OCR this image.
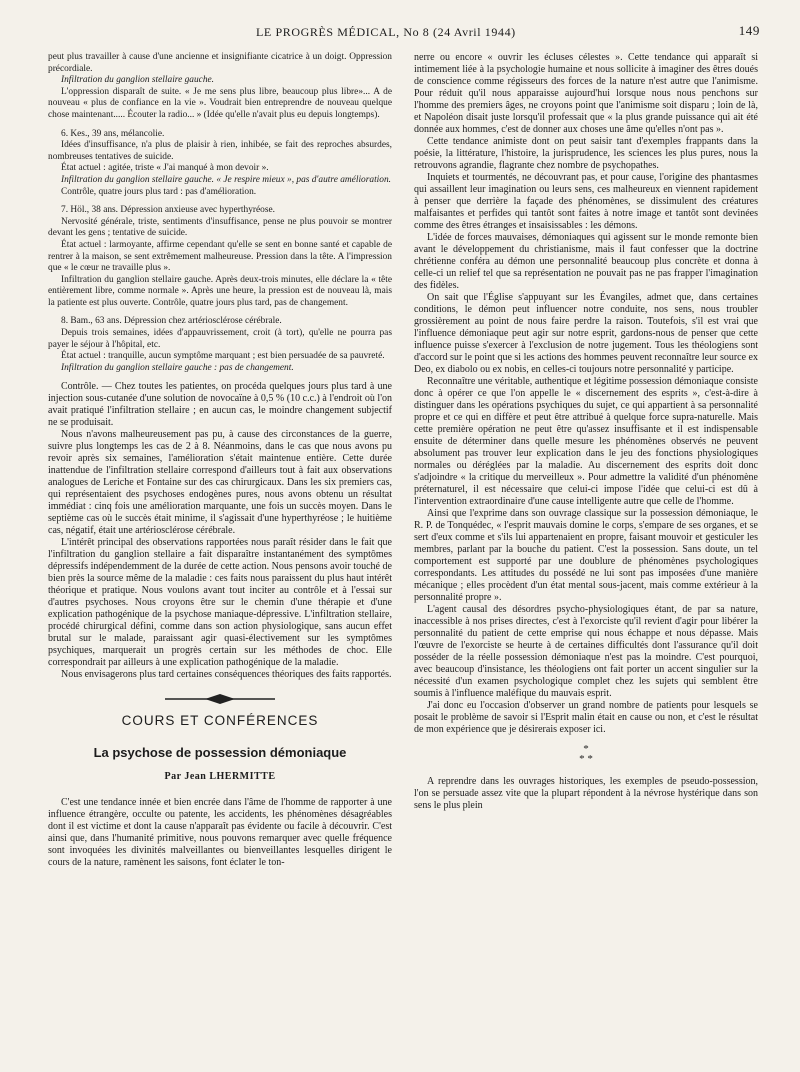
LE PROGRÈS MÉDICAL, No 8 (24 Avril 1944)	149

peut plus travailler à cause d'une ancienne et insignifiante cicatrice à un doigt. Oppression précordiale.

Infiltration du ganglion stellaire gauche.

L'oppression disparaît de suite. « Je me sens plus libre, beaucoup plus libre»... A de nouveau « plus de confiance en la vie ». Voudrait bien entreprendre de nouveau quelque chose maintenant..... Écouter la radio... » (Idée qu'elle n'avait plus eu depuis longtemps).

6. Kes., 39 ans, mélancolie.

Idées d'insuffisance, n'a plus de plaisir à rien, inhibée, se fait des reproches absurdes, nombreuses tentatives de suicide.

État actuel : agitée, triste « J'ai manqué à mon devoir ».

Infiltration du ganglion stellaire gauche. « Je respire mieux », pas d'autre amélioration.

Contrôle, quatre jours plus tard : pas d'amélioration.

7. Höl., 38 ans. Dépression anxieuse avec hyperthyréose.

Nervosité générale, triste, sentiments d'insuffisance, pense ne plus pouvoir se montrer devant les gens ; tentative de suicide.

État actuel : larmoyante, affirme cependant qu'elle se sent en bonne santé et capable de rentrer à la maison, se sent extrêmement malheureuse. Pression dans la tête. A l'impression que « le cœur ne travaille plus ».

Infiltration du ganglion stellaire gauche. Après deux-trois minutes, elle déclare la « tête entièrement libre, comme normale ». Après une heure, la pression est de nouveau là, mais la patiente est plus ouverte. Contrôle, quatre jours plus tard, pas de changement.

8. Bam., 63 ans. Dépression chez artériosclérose cérébrale.

Depuis trois semaines, idées d'appauvrissement, croit (à tort), qu'elle ne pourra pas payer le séjour à l'hôpital, etc.

État actuel : tranquille, aucun symptôme marquant ; est bien persuadée de sa pauvreté.

Infiltration du ganglion stellaire gauche : pas de changement.

Contrôle. — Chez toutes les patientes, on procéda quelques jours plus tard à une injection sous-cutanée d'une solution de novocaïne à 0,5 % (10 c.c.) à l'endroit où l'on avait pratiqué l'infiltration stellaire ; en aucun cas, le moindre changement subjectif ne se produisait.

Nous n'avons malheureusement pas pu, à cause des circonstances de la guerre, suivre plus longtemps les cas de 2 à 8. Néanmoins, dans le cas que nous avons pu revoir après six semaines, l'amélioration s'était maintenue entière. Cette durée inattendue de l'infiltration stellaire correspond d'ailleurs tout à fait aux observations analogues de Leriche et Fontaine sur des cas chirurgicaux. Dans les six premiers cas, qui représentaient des psychoses endogènes pures, nous avons obtenu un résultat immédiat : cinq fois une amélioration marquante, une fois un succès moyen. Dans le septième cas où le succès était minime, il s'agissait d'une hyperthyréose ; le huitième cas, négatif, était une artériosclérose cérébrale.

L'intérêt principal des observations rapportées nous paraît résider dans le fait que l'infiltration du ganglion stellaire a fait disparaître instantanément des symptômes dépressifs indépendemment de la durée de cette action. Nous pensons avoir touché de bien près la source même de la maladie : ces faits nous paraissent du plus haut intérêt théorique et pratique. Nous voulons avant tout inciter au contrôle et à l'essai sur d'autres psychoses. Nous croyons être sur le chemin d'une thérapie et d'une explication pathogénique de la psychose maniaque-dépressive. L'infiltration stellaire, procédé chirurgical défini, comme dans son action physiologique, sans aucun effet brutal sur le malade, paraissant agir quasi-électivement sur les symptômes psychiques, marquerait un progrès certain sur les méthodes de choc. Elle correspondrait par ailleurs à une explication pathogénique de la maladie.

Nous envisagerons plus tard certaines conséquences théoriques des faits rapportés.

COURS ET CONFÉRENCES
La psychose de possession démoniaque
Par Jean LHERMITTE

C'est une tendance innée et bien encrée dans l'âme de l'homme de rapporter à une influence étrangère, occulte ou patente, les accidents, les phénomènes désagréables dont il est victime et dont la cause n'apparaît pas évidente ou facile à découvrir. C'est ainsi que, dans l'humanité primitive, nous pouvons remarquer avec quelle fréquence sont invoquées les divinités malveillantes ou bienveillantes lesquelles dirigent le cours de la nature, ramènent les saisons, font éclater le ton-

nerre ou encore « ouvrir les écluses célestes ». Cette tendance qui apparaît si intimement liée à la psychologie humaine et nous sollicite à imaginer des êtres doués de conscience comme régisseurs des forces de la nature n'est autre que l'animisme. Pour réduit qu'il nous apparaisse aujourd'hui lorsque nous nous penchons sur l'homme des premiers âges, ne croyons point que l'animisme soit disparu ; loin de là, et Napoléon disait juste lorsqu'il professait que « la plus grande puissance qui ait été donnée aux hommes, c'est de donner aux choses une âme qu'elles n'ont pas ».

Cette tendance animiste dont on peut saisir tant d'exemples frappants dans la poésie, la littérature, l'histoire, la jurisprudence, les sciences les plus pures, nous la retrouvons agrandie, flagrante chez nombre de psychopathes.

Inquiets et tourmentés, ne découvrant pas, et pour cause, l'origine des phantasmes qui assaillent leur imagination ou leurs sens, ces malheureux en viennent rapidement à penser que derrière la façade des phénomènes, se dissimulent des créatures malfaisantes et perfides qui tantôt sont faites à notre image et tantôt sont devinées comme des êtres étranges et insaisissables : les démons.

L'idée de forces mauvaises, démoniaques qui agissent sur le monde remonte bien avant le développement du christianisme, mais il faut confesser que la doctrine chrétienne conféra au démon une personnalité beaucoup plus concrète et donna à celle-ci un relief tel que sa représentation ne pouvait pas ne pas frapper l'imagination des fidèles.

On sait que l'Église s'appuyant sur les Évangiles, admet que, dans certaines conditions, le démon peut influencer notre conduite, nos sens, nous troubler grossièrement au point de nous faire perdre la raison. Toutefois, s'il est vrai que l'influence démoniaque peut agir sur notre esprit, gardons-nous de penser que cette influence puisse s'exercer à l'exclusion de notre jugement. Tous les théologiens sont d'accord sur le point que si les actions des hommes peuvent reconnaître leur source ex Deo, ex diabolo ou ex nobis, en celles-ci toujours notre personnalité y participe.

Reconnaître une véritable, authentique et légitime possession démoniaque consiste donc à opérer ce que l'on appelle le « discernement des esprits », c'est-à-dire à distinguer dans les opérations psychiques du sujet, ce qui appartient à sa personnalité propre et ce qui en diffère et peut être attribué à quelque force supra-naturelle. Mais cette première opération ne peut être qu'assez insuffisante et il est indispensable ensuite de déterminer dans quelle mesure les phénomènes observés ne peuvent absolument pas trouver leur explication dans le jeu des fonctions physiologiques normales ou déréglées par la maladie. Au discernement des esprits doit donc s'adjoindre « la critique du merveilleux ». Pour admettre la validité d'un phénomène préternaturel, il est nécessaire que celui-ci impose l'idée que celui-ci est dû à l'intervention extraordinaire d'une cause intelligente autre que celle de l'homme.

Ainsi que l'exprime dans son ouvrage classique sur la possession démoniaque, le R. P. de Tonquédec, « l'esprit mauvais domine le corps, s'empare de ses organes, et se sert d'eux comme et s'ils lui appartenaient en propre, faisant mouvoir et gesticuler les membres, parlant par la bouche du patient. C'est la possession. Sans doute, un tel comportement est supporté par une doublure de phénomènes psychologiques correspondants. Les attitudes du possédé ne lui sont pas imposées d'une manière mécanique ; elles procèdent d'un état mental sous-jacent, mais comme extérieur à la personnalité propre ».

L'agent causal des désordres psycho-physiologiques étant, de par sa nature, inaccessible à nos prises directes, c'est à l'exorciste qu'il revient d'agir pour libérer la personnalité du patient de cette emprise qui nous échappe et nous dépasse. Mais l'œuvre de l'exorciste se heurte à de certaines difficultés dont l'assurance qu'il doit posséder de la réelle possession démoniaque n'est pas la moindre. C'est pourquoi, avec beaucoup d'insistance, les théologiens ont fait porter un accent singulier sur la nécessité d'un examen psychologique complet chez les sujets qui semblent être soumis à l'influence maléfique du mauvais esprit.

J'ai donc eu l'occasion d'observer un grand nombre de patients pour lesquels se posait le problème de savoir si l'Esprit malin était en cause ou non, et c'est le résultat de mon expérience que je désirerais exposer ici.

*
* *

A reprendre dans les ouvrages historiques, les exemples de pseudo-possession, l'on se persuade assez vite que la plupart répondent à la névrose hystérique dans son sens le plus plein
